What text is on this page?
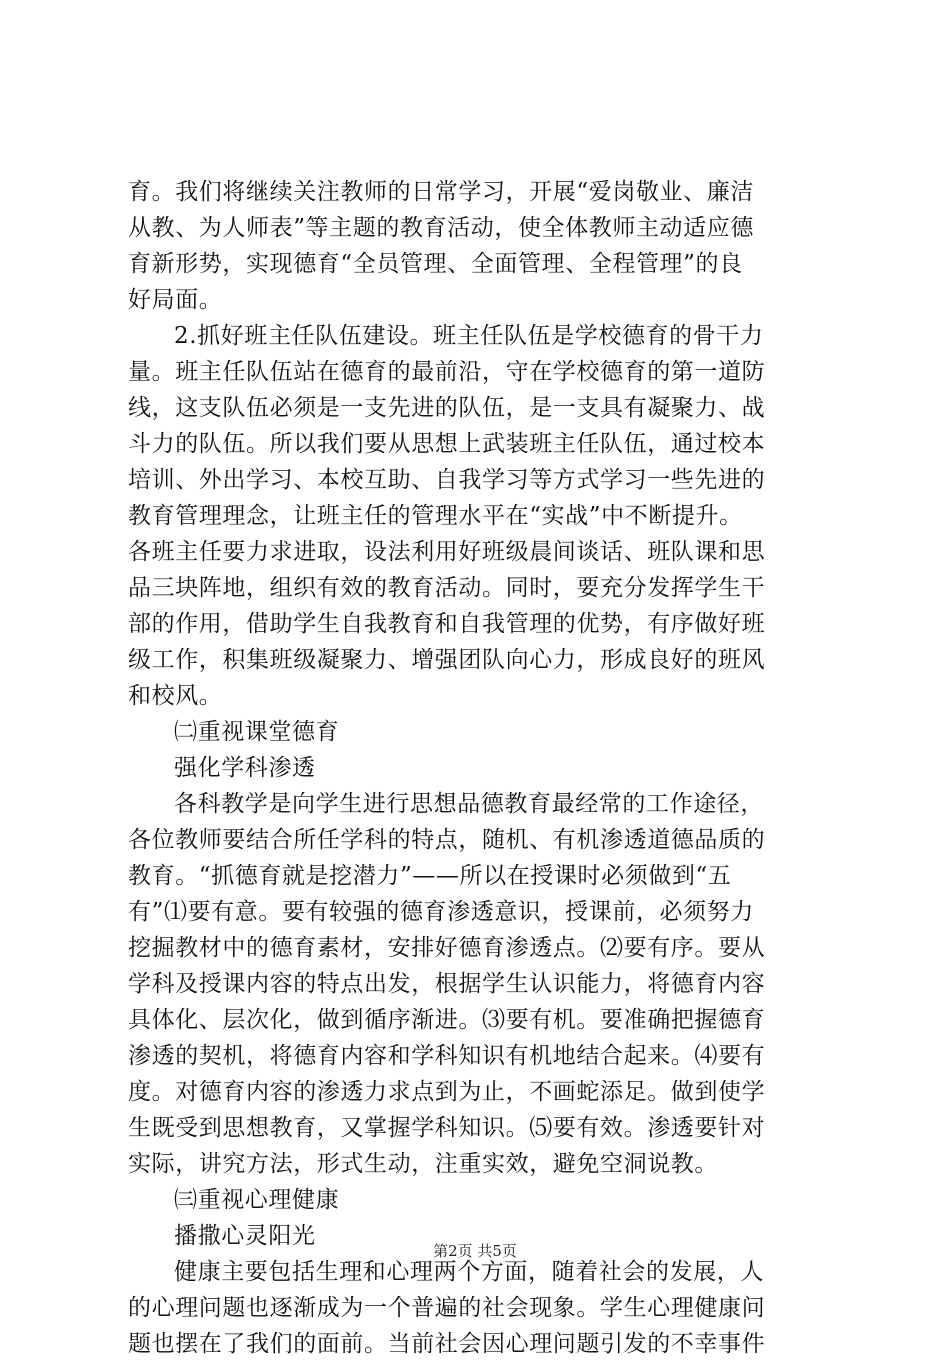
育。我们将继续关注教师的日常学习，开展“爱岗敬业、廉洁
从教、为人师表”等主题的教育活动，使全体教师主动适应德
育新形势，实现德育“全员管理、全面管理、全程管理”的良
好局面。
2.抓好班主任队伍建设。班主任队伍是学校德育的骨干力
量。班主任队伍站在德育的最前沿，守在学校德育的第一道防
线，这支队伍必须是一支先进的队伍，是一支具有凝聚力、战
斗力的队伍。所以我们要从思想上武装班主任队伍，通过校本
培训、外出学习、本校互助、自我学习等方式学习一些先进的
教育管理理念，让班主任的管理水平在“实战”中不断提升。
各班主任要力求进取，设法利用好班级晨间谈话、班队课和思
品三块阵地，组织有效的教育活动。同时，要充分发挥学生干
部的作用，借助学生自我教育和自我管理的优势，有序做好班
级工作，积集班级凝聚力、增强团队向心力，形成良好的班风
和校风。
㈡重视课堂德育
强化学科渗透
各科教学是向学生进行思想品德教育最经常的工作途径，
各位教师要结合所任学科的特点，随机、有机渗透道德品质的
教育。“抓德育就是挖潜力”——所以在授课时必须做到“五
有”⑴要有意。要有较强的德育渗透意识，授课前，必须努力
挖掘教材中的德育素材，安排好德育渗透点。⑵要有序。要从
学科及授课内容的特点出发，根据学生认识能力，将德育内容
具体化、层次化，做到循序渐进。⑶要有机。要准确把握德育
渗透的契机，将德育内容和学科知识有机地结合起来。⑷要有
度。对德育内容的渗透力求点到为止，不画蛇添足。做到使学
生既受到思想教育，又掌握学科知识。⑸要有效。渗透要针对
实际，讲究方法，形式生动，注重实效，避免空洞说教。
㈢重视心理健康
播撒心灵阳光
健康主要包括生理和心理两个方面，随着社会的发展，人
的心理问题也逐渐成为一个普遍的社会现象。学生心理健康问
题也摆在了我们的面前。当前社会因心理问题引发的不幸事件
第2页 共5页
